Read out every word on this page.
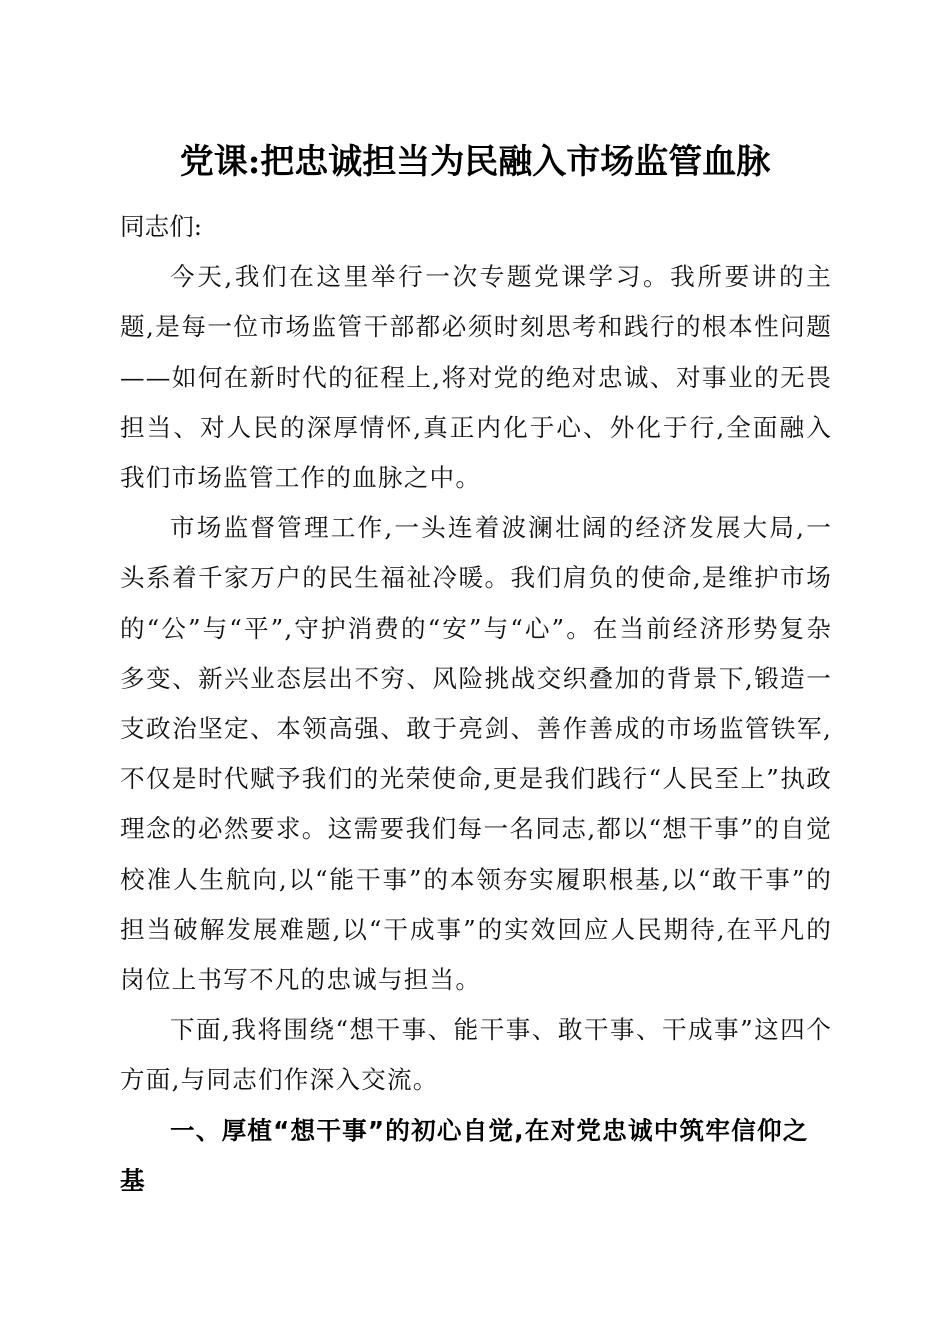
党课:把忠诚担当为民融入市场监管血脉

同志们:

今天,我们在这里举行一次专题党课学习。我所要讲的主题,是每一位市场监管干部都必须时刻思考和践行的根本性问题——如何在新时代的征程上,将对党的绝对忠诚、对事业的无畏担当、对人民的深厚情怀,真正内化于心、外化于行,全面融入我们市场监管工作的血脉之中。

市场监督管理工作,一头连着波澜壮阔的经济发展大局,一头系着千家万户的民生福祉冷暖。我们肩负的使命,是维护市场的“公”与“平”,守护消费的“安”与“心”。在当前经济形势复杂多变、新兴业态层出不穷、风险挑战交织叠加的背景下,锻造一支政治坚定、本领高强、敢于亮剑、善作善成的市场监管铁军,不仅是时代赋予我们的光荣使命,更是我们践行“人民至上”执政理念的必然要求。这需要我们每一名同志,都以“想干事”的自觉校准人生航向,以“能干事”的本领夯实履职根基,以“敢干事”的担当破解发展难题,以“干成事”的实效回应人民期待,在平凡的岗位上书写不凡的忠诚与担当。

下面,我将围绕“想干事、能干事、敢干事、干成事”这四个方面,与同志们作深入交流。

一、厚植“想干事”的初心自觉,在对党忠诚中筑牢信仰之基
